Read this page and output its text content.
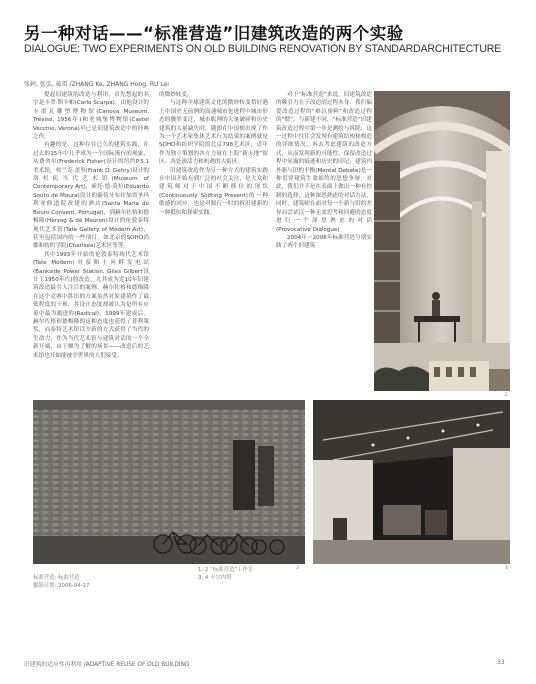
另一种对话——“标准营造”旧建筑改造的两个实验
DIALOGUE: TWO EXPERIMENTS ON OLD BUILDING RENOVATION BY STANDARDARCHITECTURE
张轲, 张弘, 茹雷 /ZHANG Ke, ZHANG Hong, RU Lei

提起旧建筑的改造与利用，首先想起的名字是卡罗·斯卡帕(Carlo Scarpa)，由他设计的卡诺瓦雕塑博物馆(Canova Museum, Treviso, 1956年)和老城堡博物馆(Castel Vecchio, Verona)早已是旧建筑改造中的经典之作。

有趣的是，这种存在已久的建筑实践，在过去的15年中几乎成为一个国际流行的现象，从费舍尔(Frederick Fisher)设计的纽约P.S.1美术馆，弗兰克·盖里(Frank O. Gehry)设计的洛杉矶当代艺术馆(Museum of Contemporary Art)，索托·德·莫拉(Eduardo Souto de Moura)设计的葡萄牙布拉加省圣玛利亚修道院改建的酒店(Santa Maria do Bouro Convent, Portugal)，到赫尔佐格和德梅隆(Herzog & de Meuron)设计的伦敦泰特现代艺术馆(Tate Gallery of Modern Art)，甚至包括国内的一些项目，如北京的SOHO尚都和纺织学院(Charlsea)艺术区等等。

其中1993年开始的伦敦泰特现代艺术馆(Tate Modern)对泰晤士河畔发电站(Bankside Power Station, Giles Gilbert设计于1950年代)的改造，尤其成为近10年旧建筑改造最引人注目的案例。赫尔佐格和德梅隆在这个竞赛中胜出的方案虽然对原建筑作了最低程度的干预，其设计态度却被认为是所有应募中最为激进的(Radical)，1999年建成后，赫尔佐格和德梅隆的这种态度也获得了普利策奖，而泰特艺术馆以全新的方式获得了当代的生命力，作为当代艺术馆与建筑对话的一个全新开端，由于颇为了解的场景——改造后的艺术馆也开始能被全世界的人们接受。

的微妙转变。

与这种全球建筑文化的微妙转变恰好遇上中国史无前例的高速城市化进程中城市形态的骤然变迁，城市肌理的大量破碎和历史建筑的大量缺失时，随即在中国便出现了作为一个艺术家集体艺术行为结果的案例就是SOHO和纺织学院的北京798艺术区，近年作为独立策划的各方力量在上海“新天地”街区、各处演活力和机遇的大街区。

旧建筑改造作为另一种方式的建筑实践在中国开始有到广泛的社会关注，是大众和建筑师对于中国不断移位的现状(Continuously Shifting Present)的一种敏感的回应，也是对源行一时的拆旧建新的一种抵抗和探索实践。

对于“标准营造”来说，旧建筑改造的吸引力在于改造的过程本身：我们偏爱改造过程的“难以预料”和改造过程的“惯”，与新建不同，“标准营造”旧建筑改造过程中第一步是测绘与拆除，这一过程中往往会发现有建筑结构和构造的详细情况，再去考虑建筑的改造方式，从而发现新的可能性。保留改造过程中显露的痕迹和历史的印记，建筑内外新与旧的平衡(Mental Debate)是一种贯穿建筑生命始终的思想争辩，对此，我们并不是在表面上做出一种有控制的选择，这种深思熟虑的对话方法，同时，建筑师在面对每一个新与旧的差异而尝试以一种无需思考和回避的态度进行一个深思熟虑的对话(Provocative Dialogue)。

2004年～2006年标准营造分别实践了两个旧建筑

2
3	4
标准营造: 标准营造
摄影日期: 2006-04-17
1, 2 “标准营造”工作室
3, 4 卡尔内塔
旧建筑的适应性再利用 /ADAPTIVE REUSE OF OLD BUILDING	33
